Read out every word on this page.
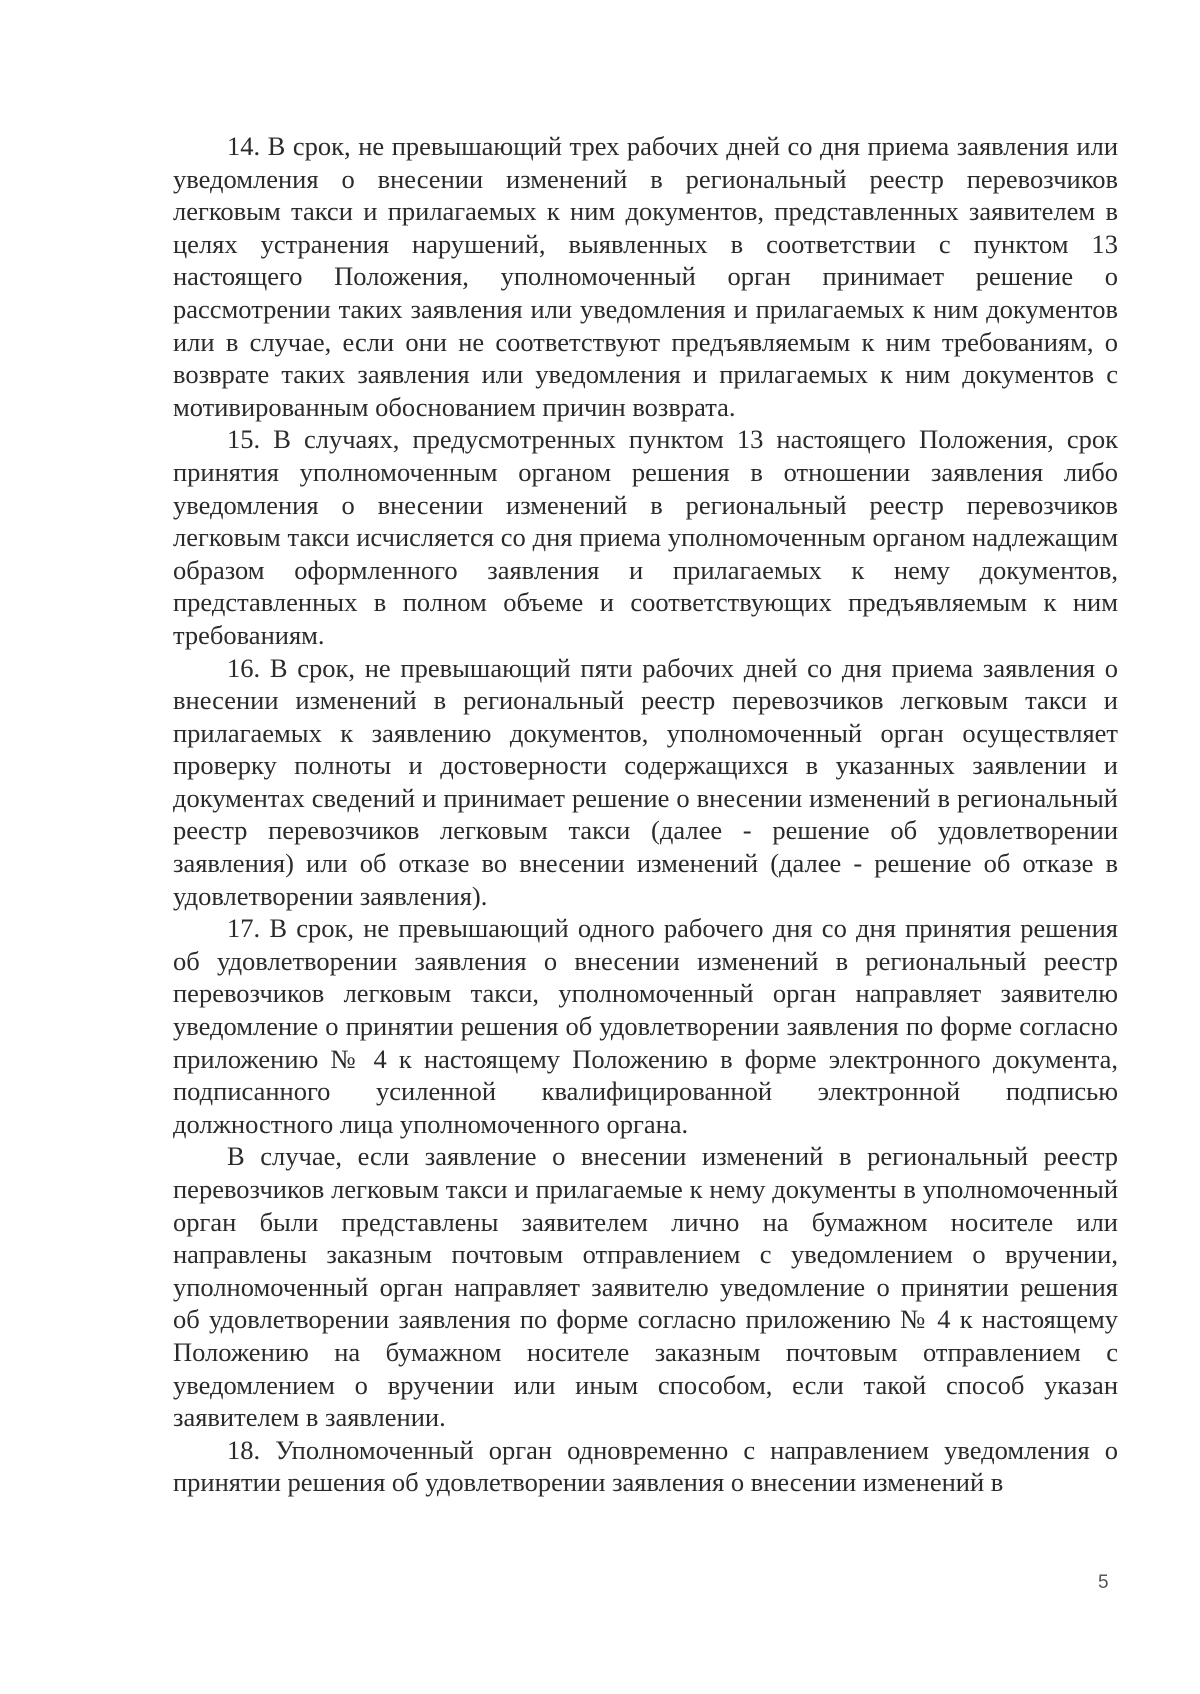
14. В срок, не превышающий трех рабочих дней со дня приема заявления или уведомления о внесении изменений в региональный реестр перевозчиков легковым такси и прилагаемых к ним документов, представленных заявителем в целях устранения нарушений, выявленных в соответствии с пунктом 13 настоящего Положения, уполномоченный орган принимает решение о рассмотрении таких заявления или уведомления и прилагаемых к ним документов или в случае, если они не соответствуют предъявляемым к ним требованиям, о возврате таких заявления или уведомления и прилагаемых к ним документов с мотивированным обоснованием причин возврата.

15. В случаях, предусмотренных пунктом 13 настоящего Положения, срок принятия уполномоченным органом решения в отношении заявления либо уведомления о внесении изменений в региональный реестр перевозчиков легковым такси исчисляется со дня приема уполномоченным органом надлежащим образом оформленного заявления и прилагаемых к нему документов, представленных в полном объеме и соответствующих предъявляемым к ним требованиям.

16. В срок, не превышающий пяти рабочих дней со дня приема заявления о внесении изменений в региональный реестр перевозчиков легковым такси и прилагаемых к заявлению документов, уполномоченный орган осуществляет проверку полноты и достоверности содержащихся в указанных заявлении и документах сведений и принимает решение о внесении изменений в региональный реестр перевозчиков легковым такси (далее - решение об удовлетворении заявления) или об отказе во внесении изменений (далее - решение об отказе в удовлетворении заявления).

17. В срок, не превышающий одного рабочего дня со дня принятия решения об удовлетворении заявления о внесении изменений в региональный реестр перевозчиков легковым такси, уполномоченный орган направляет заявителю уведомление о принятии решения об удовлетворении заявления по форме согласно приложению № 4 к настоящему Положению в форме электронного документа, подписанного усиленной квалифицированной электронной подписью должностного лица уполномоченного органа.

В случае, если заявление о внесении изменений в региональный реестр перевозчиков легковым такси и прилагаемые к нему документы в уполномоченный орган были представлены заявителем лично на бумажном носителе или направлены заказным почтовым отправлением с уведомлением о вручении, уполномоченный орган направляет заявителю уведомление о принятии решения об удовлетворении заявления по форме согласно приложению № 4 к настоящему Положению на бумажном носителе заказным почтовым отправлением с уведомлением о вручении или иным способом, если такой способ указан заявителем в заявлении.

18. Уполномоченный орган одновременно с направлением уведомления о принятии решения об удовлетворении заявления о внесении изменений в

5
